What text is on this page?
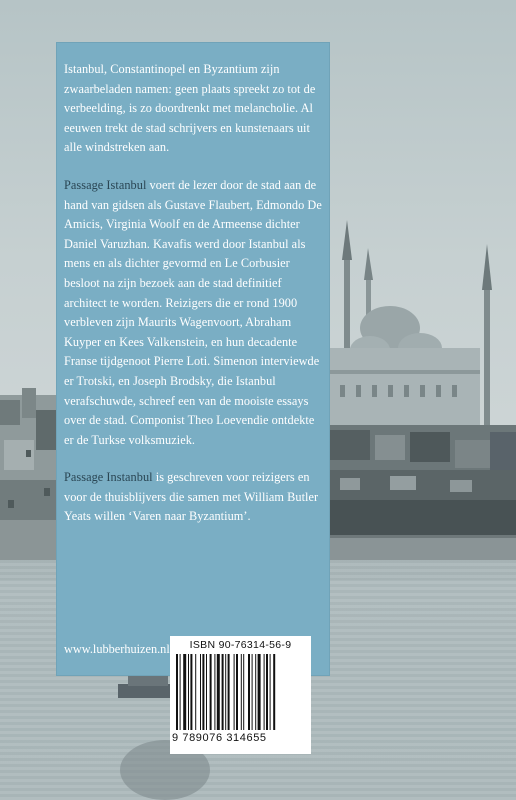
Istanbul, Constantinopel en Byzantium zijn zwaarbeladen namen: geen plaats spreekt zo tot de verbeelding, is zo doordrenkt met melancholie. Al eeuwen trekt de stad schrijvers en kunstenaars uit alle windstreken aan.

Passage Istanbul voert de lezer door de stad aan de hand van gidsen als Gustave Flaubert, Edmondo De Amicis, Virginia Woolf en de Armeense dichter Daniel Varuzhan. Kavafis werd door Istanbul als mens en als dichter gevormd en Le Corbusier besloot na zijn bezoek aan de stad definitief architect te worden. Reizigers die er rond 1900 verbleven zijn Maurits Wagenvoort, Abraham Kuyper en Kees Valkenstein, en hun decadente Franse tijdgenoot Pierre Loti. Simenon interviewde er Trotski, en Joseph Brodsky, die Istanbul verafschuwde, schreef een van de mooiste essays over de stad. Componist Theo Loevendie ontdekte er de Turkse volksmuziek.

Passage Instanbul is geschreven voor reizigers en voor de thuisblijvers die samen met William Butler Yeats willen ‘Varen naar Byzantium’.

www.lubberhuizen.nl	ISBN 90-76314-56-9
9 789076 314655
